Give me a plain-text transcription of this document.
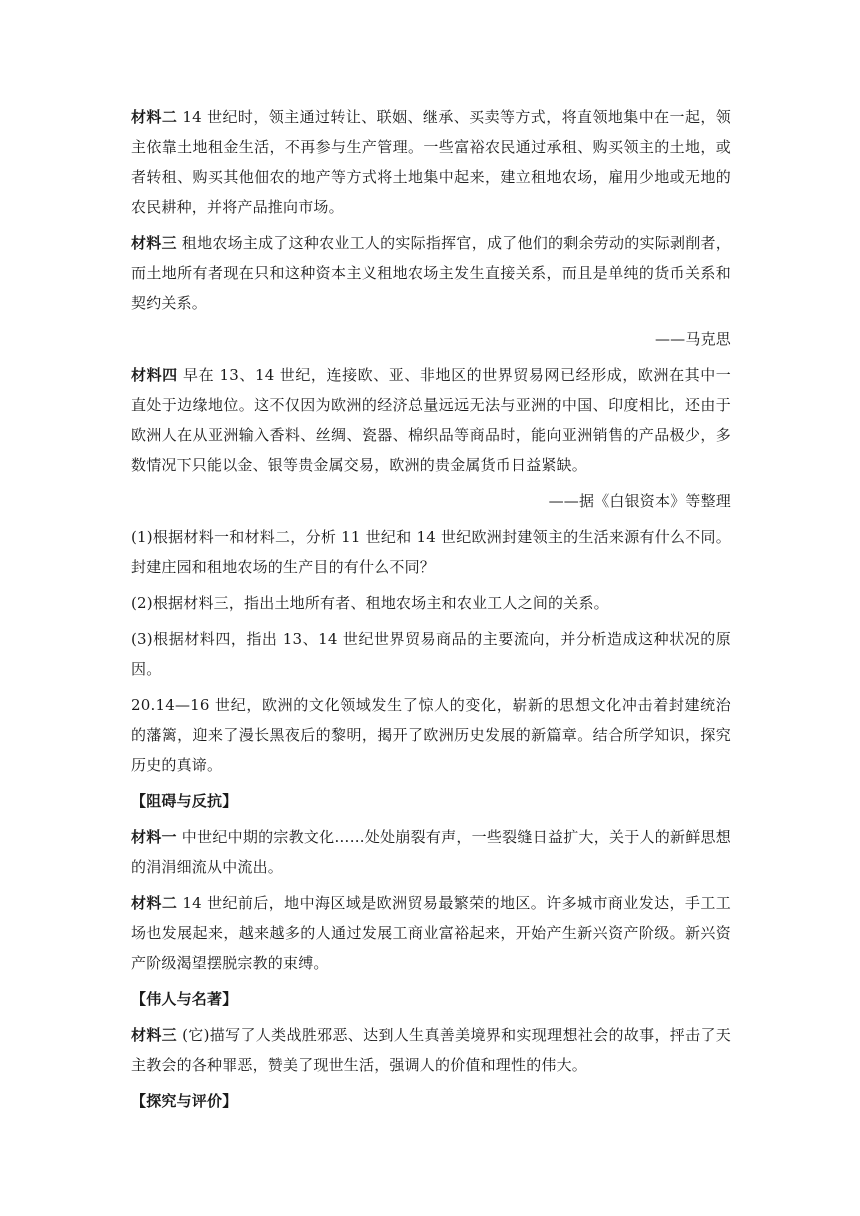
材料二 14 世纪时，领主通过转让、联姻、继承、买卖等方式，将直领地集中在一起，领主依靠土地租金生活，不再参与生产管理。一些富裕农民通过承租、购买领主的土地，或者转租、购买其他佃农的地产等方式将土地集中起来，建立租地农场，雇用少地或无地的农民耕种，并将产品推向市场。

材料三 租地农场主成了这种农业工人的实际指挥官，成了他们的剩余劳动的实际剥削者，而土地所有者现在只和这种资本主义租地农场主发生直接关系，而且是单纯的货币关系和契约关系。

——马克思

材料四 早在 13、14 世纪，连接欧、亚、非地区的世界贸易网已经形成，欧洲在其中一直处于边缘地位。这不仅因为欧洲的经济总量远远无法与亚洲的中国、印度相比，还由于欧洲人在从亚洲输入香料、丝绸、瓷器、棉织品等商品时，能向亚洲销售的产品极少，多数情况下只能以金、银等贵金属交易，欧洲的贵金属货币日益紧缺。

——据《白银资本》等整理

(1)根据材料一和材料二，分析 11 世纪和 14 世纪欧洲封建领主的生活来源有什么不同。封建庄园和租地农场的生产目的有什么不同？

(2)根据材料三，指出土地所有者、租地农场主和农业工人之间的关系。

(3)根据材料四，指出 13、14 世纪世界贸易商品的主要流向，并分析造成这种状况的原因。

20.14—16 世纪，欧洲的文化领域发生了惊人的变化，崭新的思想文化冲击着封建统治的藩篱，迎来了漫长黑夜后的黎明，揭开了欧洲历史发展的新篇章。结合所学知识，探究历史的真谛。

【阻碍与反抗】

材料一 中世纪中期的宗教文化……处处崩裂有声，一些裂缝日益扩大，关于人的新鲜思想的涓涓细流从中流出。

材料二 14 世纪前后，地中海区域是欧洲贸易最繁荣的地区。许多城市商业发达，手工工场也发展起来，越来越多的人通过发展工商业富裕起来，开始产生新兴资产阶级。新兴资产阶级渴望摆脱宗教的束缚。

【伟人与名著】

材料三 (它)描写了人类战胜邪恶、达到人生真善美境界和实现理想社会的故事，抨击了天主教会的各种罪恶，赞美了现世生活，强调人的价值和理性的伟大。

【探究与评价】
